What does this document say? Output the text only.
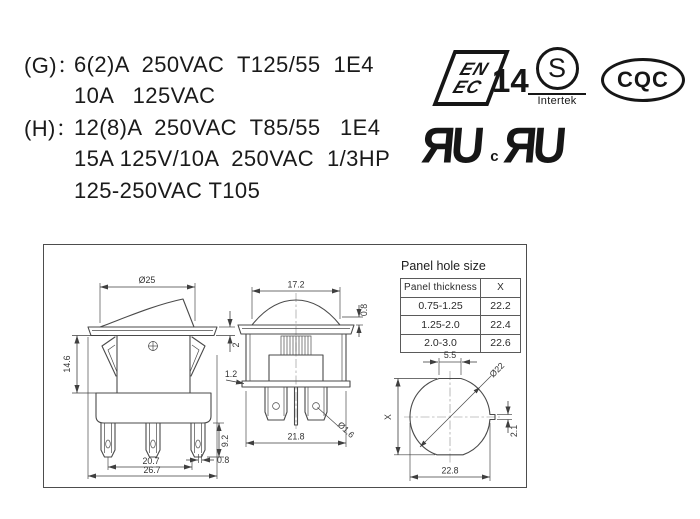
(G)：
6(2)A  250VAC  T125/55  1E4
10A   125VAC
(H)：
12(8)A  250VAC  T85/55   1E4
15A 125V/10A  250VAC  1/3HP
125-250VAC T105
EN
EC 14 S
Intertek
CQC
ЯU c ЯU
Ø25
2
14.6
9.2
0.8
20.7
26.7
17.2
0.8
1.2
Ø1.6
21.8
Panel hole size
Panel thickness	X
0.75-1.25	22.2
1.25-2.0	22.4
2.0-3.0	22.6
Ø22
5.5
X
2.1
22.8
